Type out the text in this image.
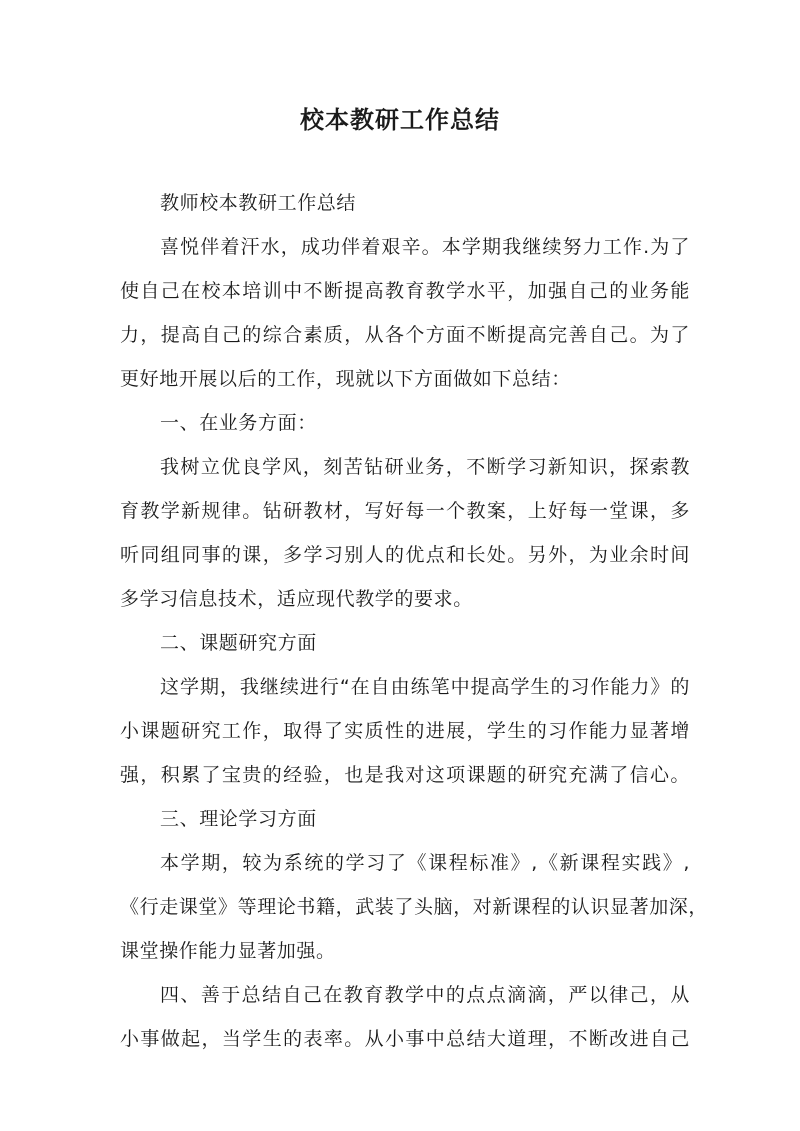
校本教研工作总结
教师校本教研工作总结
喜悦伴着汗水，成功伴着艰辛。本学期我继续努力工作.为了
使自己在校本培训中不断提高教育教学水平，加强自己的业务能
力，提高自己的综合素质，从各个方面不断提高完善自己。为了
更好地开展以后的工作，现就以下方面做如下总结：
一、在业务方面：
我树立优良学风，刻苦钻研业务，不断学习新知识，探索教
育教学新规律。钻研教材，写好每一个教案，上好每一堂课，多
听同组同事的课，多学习别人的优点和长处。另外，为业余时间
多学习信息技术，适应现代教学的要求。
二、课题研究方面
这学期，我继续进行“在自由练笔中提高学生的习作能力》的
小课题研究工作，取得了实质性的进展，学生的习作能力显著增
强，积累了宝贵的经验，也是我对这项课题的研究充满了信心。
三、理论学习方面
本学期，较为系统的学习了《课程标准》,《新课程实践》,
《行走课堂》等理论书籍，武装了头脑，对新课程的认识显著加深，
课堂操作能力显著加强。
四、善于总结自己在教育教学中的点点滴滴，严以律己，从
小事做起，当学生的表率。从小事中总结大道理，不断改进自己
